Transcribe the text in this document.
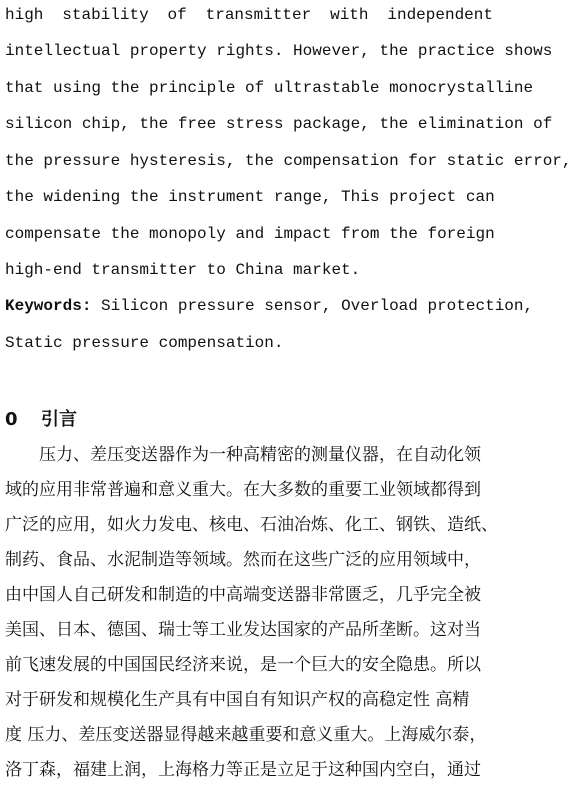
high stability of transmitter with independent
intellectual property rights. However, the practice shows
that using the principle of ultrastable monocrystalline
silicon chip, the free stress package, the elimination of
the pressure hysteresis, the compensation for static error,
the widening the instrument range, This project can
compensate the monopoly and impact from the foreign
high-end transmitter to China market.
Keywords: Silicon pressure sensor, Overload protection,
Static pressure compensation.
0 引言
　　压力、差压变送器作为一种高精密的测量仪器，在自动化领
域的应用非常普遍和意义重大。在大多数的重要工业领域都得到
广泛的应用，如火力发电、核电、石油冶炼、化工、钢铁、造纸、
制药、食品、水泥制造等领域。然而在这些广泛的应用领域中，
由中国人自己研发和制造的中高端变送器非常匮乏，几乎完全被
美国、日本、德国、瑞士等工业发达国家的产品所垄断。这对当
前飞速发展的中国国民经济来说，是一个巨大的安全隐患。所以
对于研发和规模化生产具有中国自有知识产权的高稳定性 高精
度 压力、差压变送器显得越来越重要和意义重大。上海威尔泰，
洛丁森，福建上润，上海格力等正是立足于这种国内空白，通过
